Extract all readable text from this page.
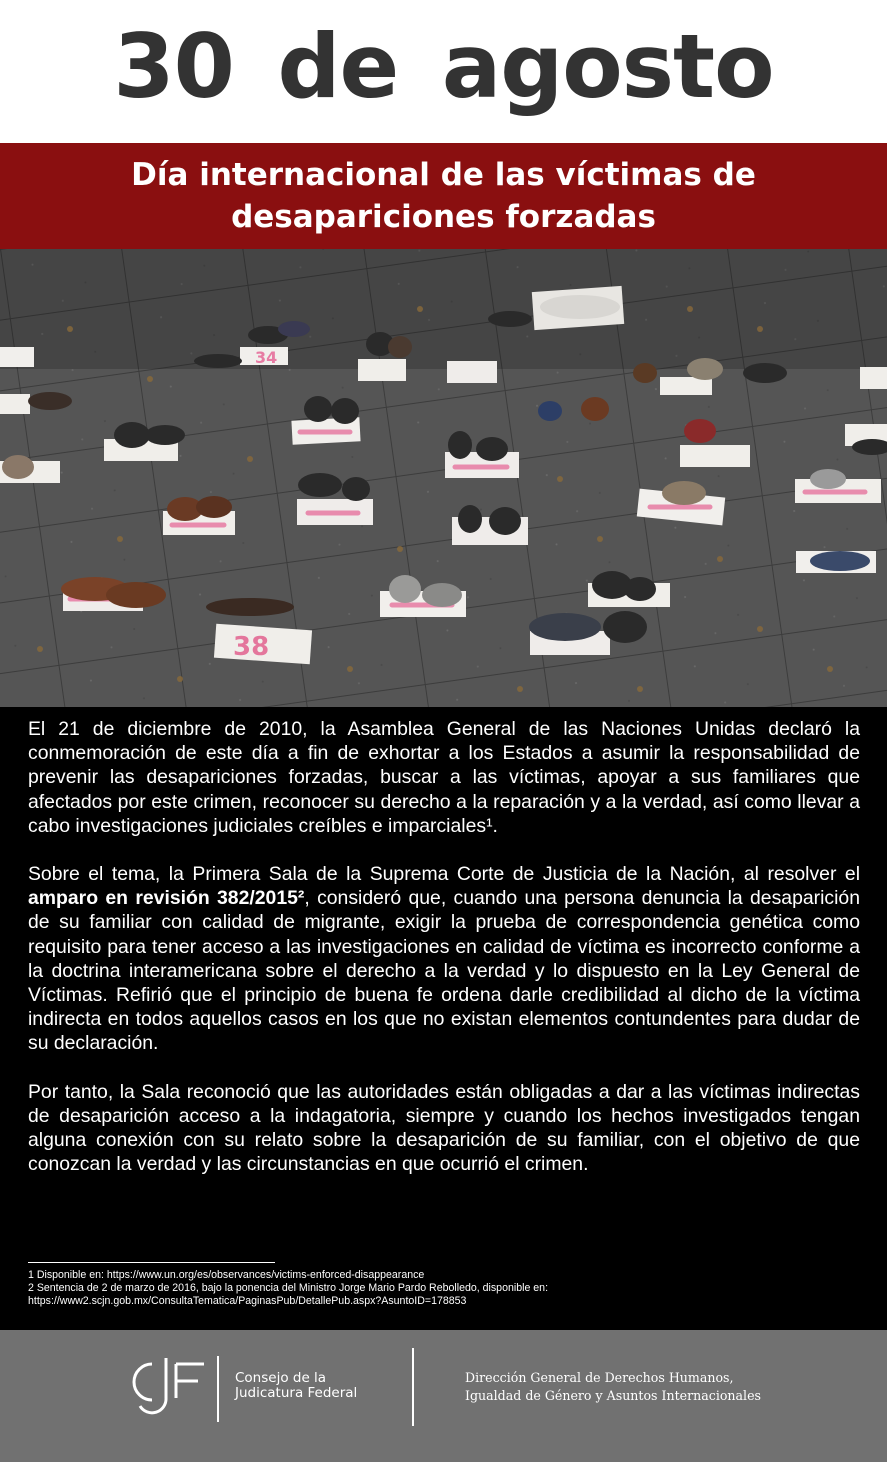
30 de agosto
Día internacional de las víctimas de desapariciones forzadas
34
38

El 21 de diciembre de 2010, la Asamblea General de las Naciones Unidas declaró la conmemoración de este día a fin de exhortar a los Estados a asumir la responsabilidad de prevenir las desapariciones forzadas, buscar a las víctimas, apoyar a sus familiares que afectados por este crimen, reconocer su derecho a la reparación y a la verdad, así como llevar a cabo investigaciones judiciales creíbles e imparciales¹.

Sobre el tema, la Primera Sala de la Suprema Corte de Justicia de la Nación, al resolver el amparo en revisión 382/2015², consideró que, cuando una persona denuncia la desaparición de su familiar con calidad de migrante, exigir la prueba de correspondencia genética como requisito para tener acceso a las investigaciones en calidad de víctima es incorrecto conforme a la doctrina interamericana sobre el derecho a la verdad y lo dispuesto en la Ley General de Víctimas. Refirió que el principio de buena fe ordena darle credibilidad al dicho de la víctima indirecta en todos aquellos casos en los que no existan elementos contundentes para dudar de su declaración.

Por tanto, la Sala reconoció que las autoridades están obligadas a dar a las víctimas indirectas de desaparición acceso a la indagatoria, siempre y cuando los hechos investigados tengan alguna conexión con su relato sobre la desaparición de su familiar, con el objetivo de que conozcan la verdad y las circunstancias en que ocurrió el crimen.

1 Disponible en: https://www.un.org/es/observances/victims-enforced-disappearance
2 Sentencia de 2 de marzo de 2016, bajo la ponencia del Ministro Jorge Mario Pardo Rebolledo, disponible en:
https://www2.scjn.gob.mx/ConsultaTematica/PaginasPub/DetallePub.aspx?AsuntoID=178853
Consejo de la
Judicatura Federal
Dirección General de Derechos Humanos,
Igualdad de Género y Asuntos Internacionales
